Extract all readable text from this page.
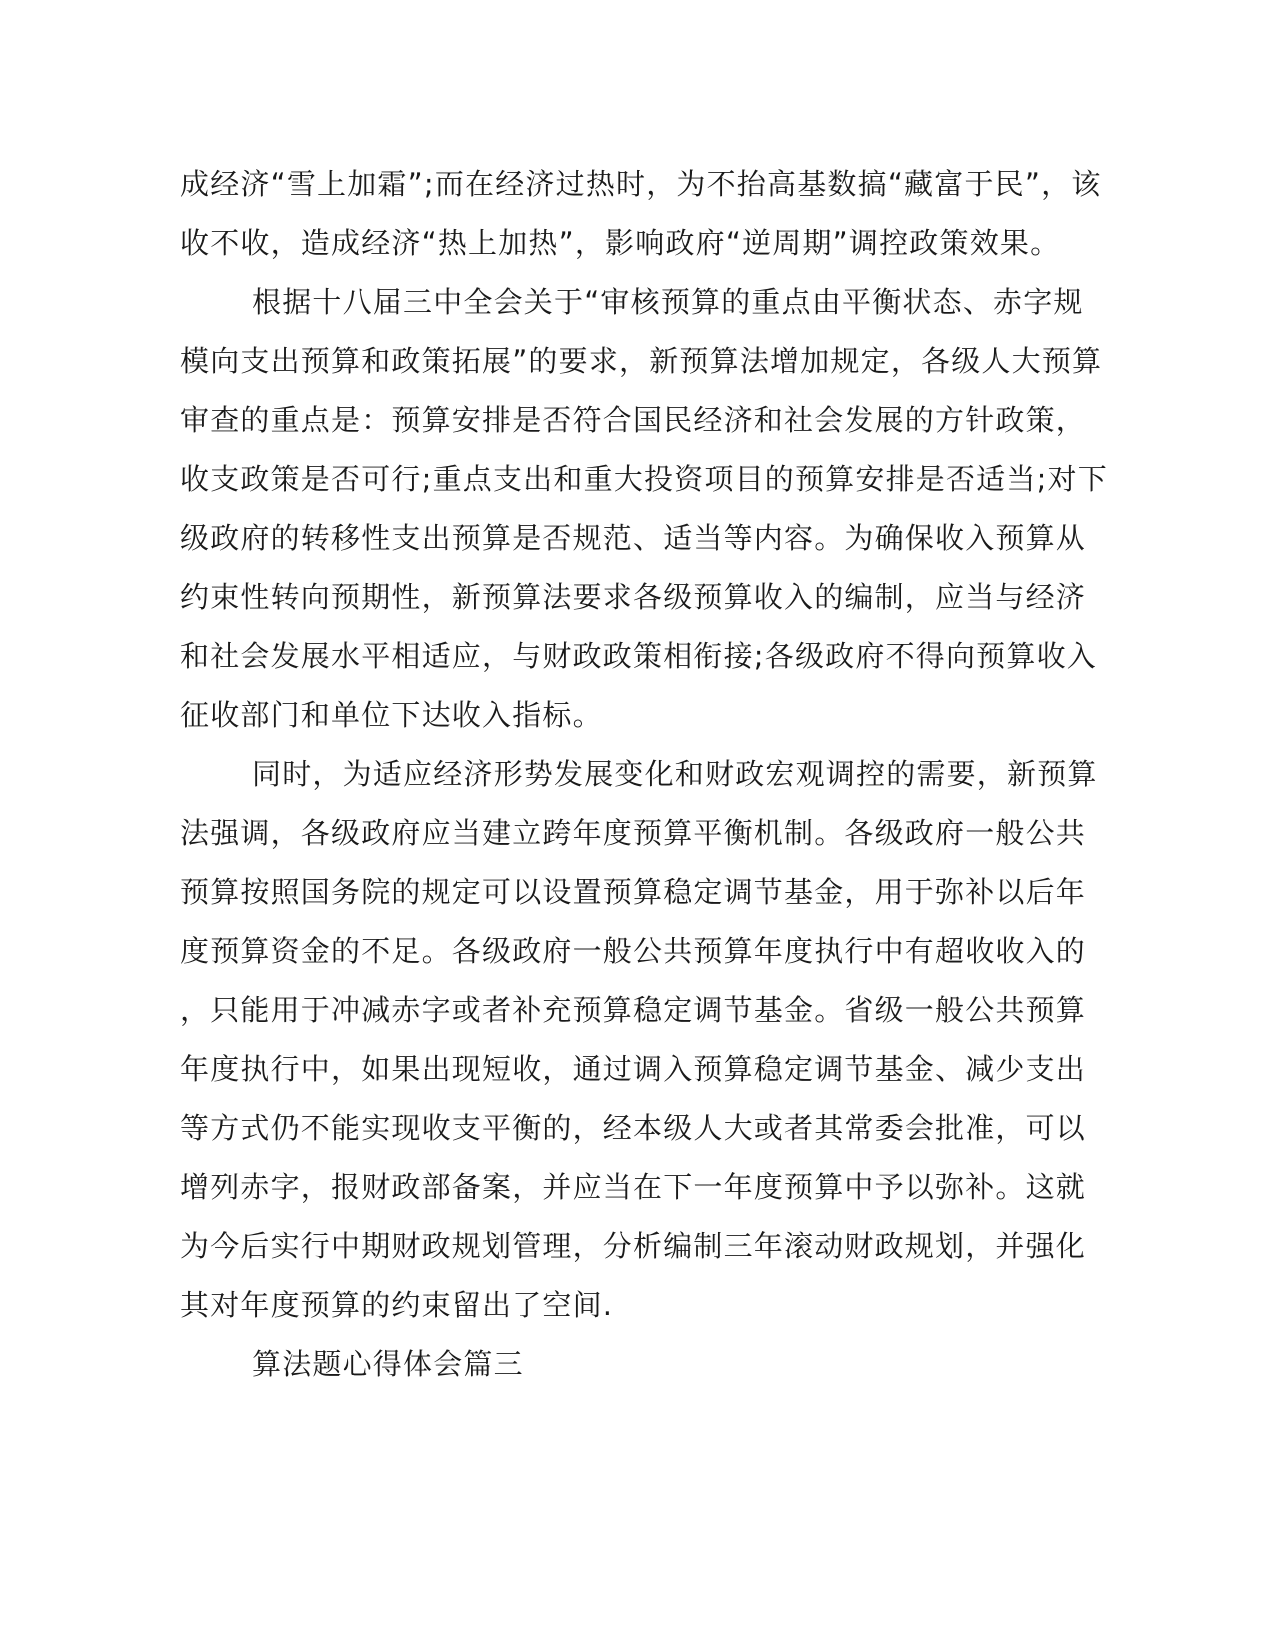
成经济“雪上加霜”;而在经济过热时，为不抬高基数搞“藏富于民”，该
收不收，造成经济“热上加热”，影响政府“逆周期”调控政策效果。
根据十八届三中全会关于“审核预算的重点由平衡状态、赤字规
模向支出预算和政策拓展”的要求，新预算法增加规定，各级人大预算
审查的重点是：预算安排是否符合国民经济和社会发展的方针政策，
收支政策是否可行;重点支出和重大投资项目的预算安排是否适当;对下
级政府的转移性支出预算是否规范、适当等内容。为确保收入预算从
约束性转向预期性，新预算法要求各级预算收入的编制，应当与经济
和社会发展水平相适应，与财政政策相衔接;各级政府不得向预算收入
征收部门和单位下达收入指标。
同时，为适应经济形势发展变化和财政宏观调控的需要，新预算
法强调，各级政府应当建立跨年度预算平衡机制。各级政府一般公共
预算按照国务院的规定可以设置预算稳定调节基金，用于弥补以后年
度预算资金的不足。各级政府一般公共预算年度执行中有超收收入的
，只能用于冲减赤字或者补充预算稳定调节基金。省级一般公共预算
年度执行中，如果出现短收，通过调入预算稳定调节基金、减少支出
等方式仍不能实现收支平衡的，经本级人大或者其常委会批准，可以
增列赤字，报财政部备案，并应当在下一年度预算中予以弥补。这就
为今后实行中期财政规划管理，分析编制三年滚动财政规划，并强化
其对年度预算的约束留出了空间.
算法题心得体会篇三
